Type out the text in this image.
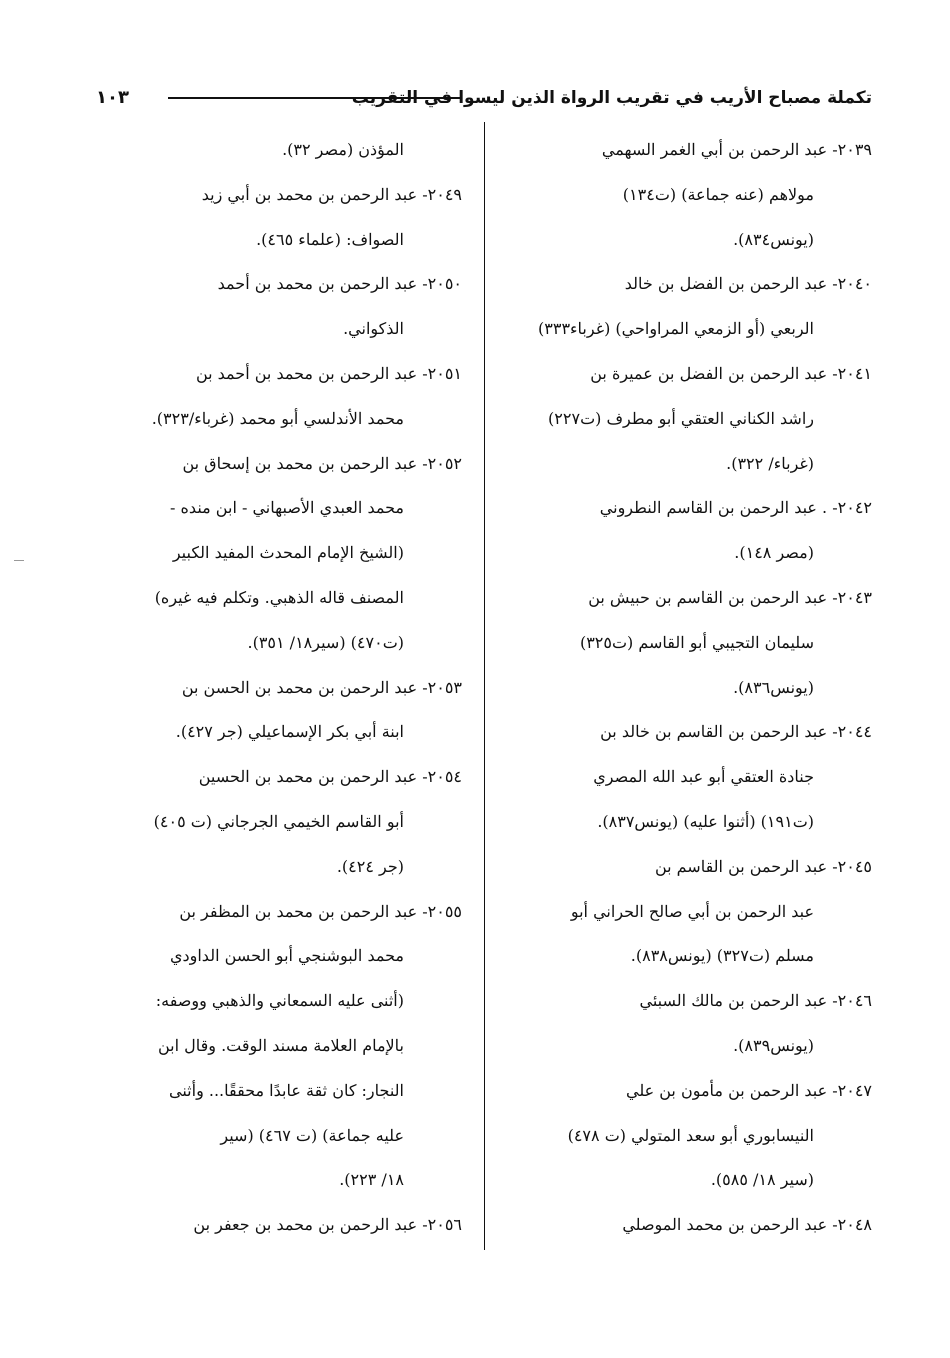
تكملة مصباح الأريب في تقريب الرواة الذين ليسوا في التقريب
١٠٣
٢٠٣٩- عبد الرحمن بن أبي الغمر السهمي
مولاهم (عنه جماعة) (ت١٣٤)
(يونس٨٣٤).
٢٠٤٠- عبد الرحمن بن الفضل بن خالد
الربعي (أو الزمعي المراواحي) (غرباء٣٣٣)
٢٠٤١- عبد الرحمن بن الفضل بن عميرة بن
راشد الكناني العتقي أبو مطرف (ت٢٢٧)
(غرباء/ ٣٢٢).
٢٠٤٢- . عبد الرحمن بن القاسم النطروني
(مصر ١٤٨).
٢٠٤٣- عبد الرحمن بن القاسم بن حبيش بن
سليمان التجيبي أبو القاسم (ت٣٢٥)
(يونس٨٣٦).
٢٠٤٤- عبد الرحمن بن القاسم بن خالد بن
جنادة العتقي أبو عبد الله المصري
(ت١٩١) (أثنوا عليه) (يونس٨٣٧).
٢٠٤٥- عبد الرحمن بن القاسم بن
عبد الرحمن بن أبي صالح الحراني أبو
مسلم (ت٣٢٧) (يونس٨٣٨).
٢٠٤٦- عبد الرحمن بن مالك السبئي
(يونس٨٣٩).
٢٠٤٧- عبد الرحمن بن مأمون بن علي
النيسابوري أبو سعد المتولي (ت ٤٧٨)
(سير ١٨/ ٥٨٥).
٢٠٤٨- عبد الرحمن بن محمد الموصلي
المؤذن (مصر ٣٢).
٢٠٤٩- عبد الرحمن بن محمد بن أبي زيد
الصواف: (علماء ٤٦٥).
٢٠٥٠- عبد الرحمن بن محمد بن أحمد
الذكواني.
٢٠٥١- عبد الرحمن بن محمد بن أحمد بن
محمد الأندلسي أبو محمد (غرباء/٣٢٣).
٢٠٥٢- عبد الرحمن بن محمد بن إسحاق بن
محمد العبدي الأصبهاني - ابن منده -
(الشيخ الإمام المحدث المفيد الكبير
المصنف قاله الذهبي. وتكلم فيه غيره)
(ت٤٧٠) (سير١٨/ ٣٥١).
٢٠٥٣- عبد الرحمن بن محمد بن الحسن بن
ابنة أبي بكر الإسماعيلي (جر ٤٢٧).
٢٠٥٤- عبد الرحمن بن محمد بن الحسين
أبو القاسم الخيمي الجرجاني (ت ٤٠٥)
(جر ٤٢٤).
٢٠٥٥- عبد الرحمن بن محمد بن المظفر بن
محمد البوشنجي أبو الحسن الداودي
(أثنى عليه السمعاني والذهبي ووصفه:
بالإمام العلامة مسند الوقت. وقال ابن
النجار: كان ثقة عابدًا محققًا... وأثنى
عليه جماعة) (ت ٤٦٧) (سير
١٨/ ٢٢٣).
٢٠٥٦- عبد الرحمن بن محمد بن جعفر بن
